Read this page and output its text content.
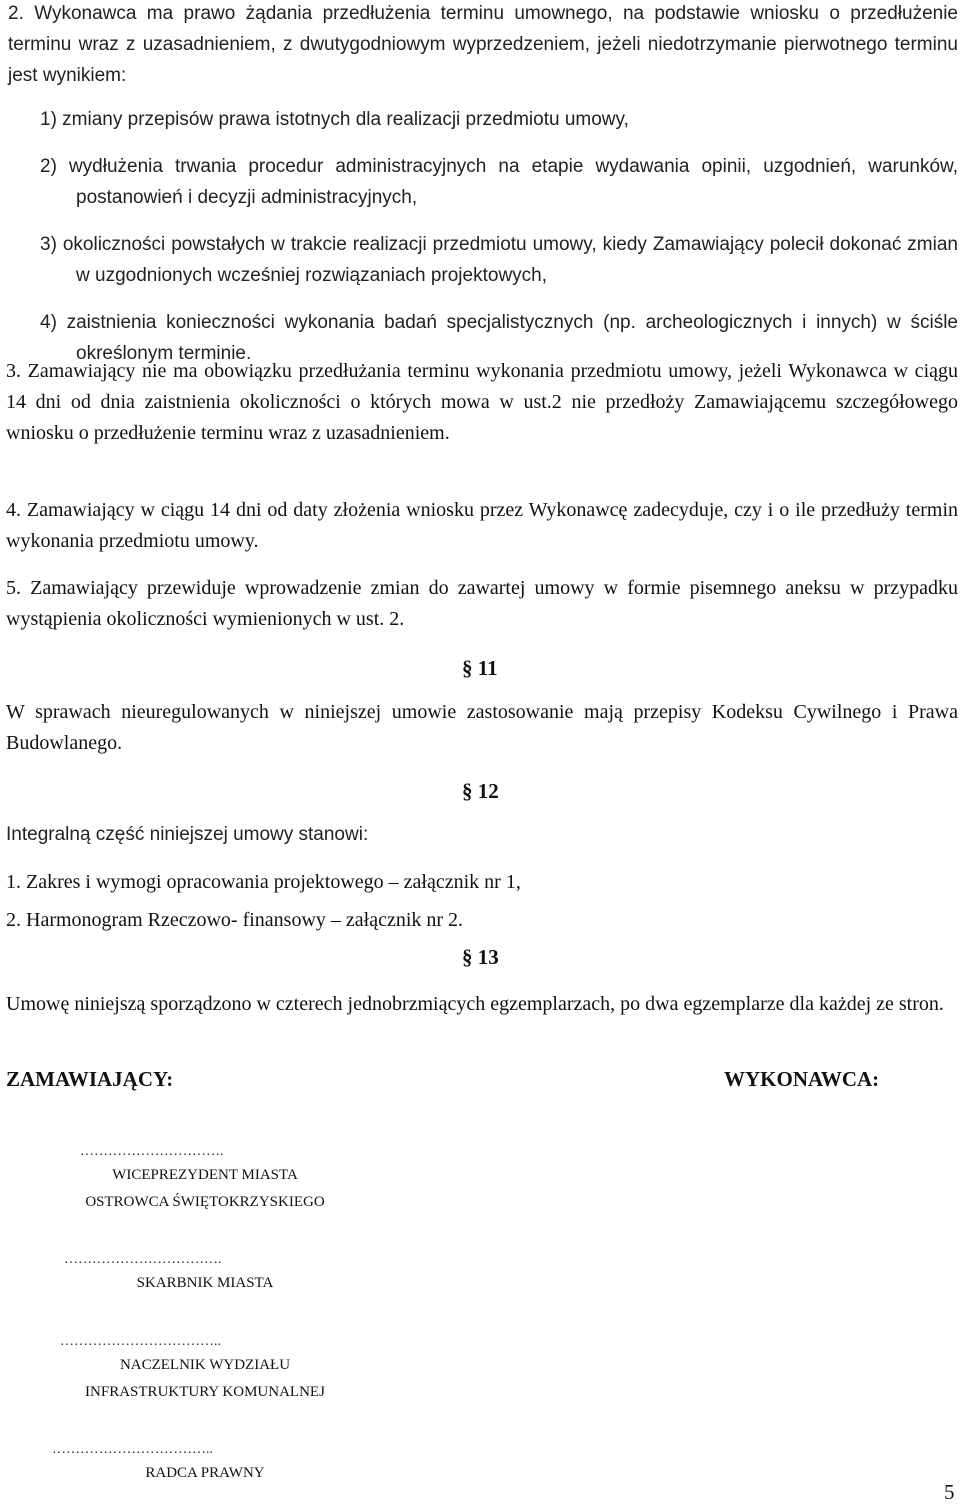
2. Wykonawca ma prawo żądania przedłużenia terminu umownego, na podstawie wniosku o przedłużenie terminu wraz z uzasadnieniem, z dwutygodniowym wyprzedzeniem, jeżeli niedotrzymanie pierwotnego terminu jest wynikiem:

1) zmiany przepisów prawa istotnych dla realizacji przedmiotu umowy,

2) wydłużenia trwania procedur administracyjnych na etapie wydawania opinii, uzgodnień, warunków, postanowień i decyzji administracyjnych,
3) okoliczności powstałych w trakcie realizacji przedmiotu umowy, kiedy Zamawiający polecił dokonać zmian w uzgodnionych wcześniej rozwiązaniach projektowych,
4) zaistnienia konieczności wykonania badań specjalistycznych (np. archeologicznych i innych) w ściśle określonym terminie.

3. Zamawiający nie ma obowiązku przedłużania terminu wykonania przedmiotu umowy, jeżeli Wykonawca w ciągu 14 dni od dnia zaistnienia okoliczności o których mowa w ust.2 nie przedłoży Zamawiającemu szczegółowego wniosku o przedłużenie terminu wraz z uzasadnieniem.

4. Zamawiający w ciągu 14 dni od daty złożenia wniosku przez Wykonawcę zadecyduje, czy i o ile przedłuży termin wykonania przedmiotu umowy.

5. Zamawiający przewiduje wprowadzenie zmian do zawartej umowy w formie pisemnego aneksu w przypadku wystąpienia okoliczności wymienionych w ust. 2.

§ 11

W sprawach nieuregulowanych w niniejszej umowie zastosowanie mają przepisy Kodeksu Cywilnego i Prawa Budowlanego.

§ 12

Integralną część niniejszej umowy stanowi:

1. Zakres i wymogi opracowania projektowego – załącznik nr 1,

2. Harmonogram Rzeczowo- finansowy – załącznik nr 2.

§ 13

Umowę niniejszą sporządzono w czterech jednobrzmiących egzemplarzach, po dwa egzemplarze dla każdej ze stron.

ZAMAWIAJĄCY:	WYKONAWCA:

………………………….

WICEPREZYDENT MIASTA
OSTROWCA ŚWIĘTOKRZYSKIEGO

…………………………….

SKARBNIK MIASTA

……………………………..

NACZELNIK WYDZIAŁU
INFRASTRUKTURY KOMUNALNEJ

……………………………..

RADCA PRAWNY

5
